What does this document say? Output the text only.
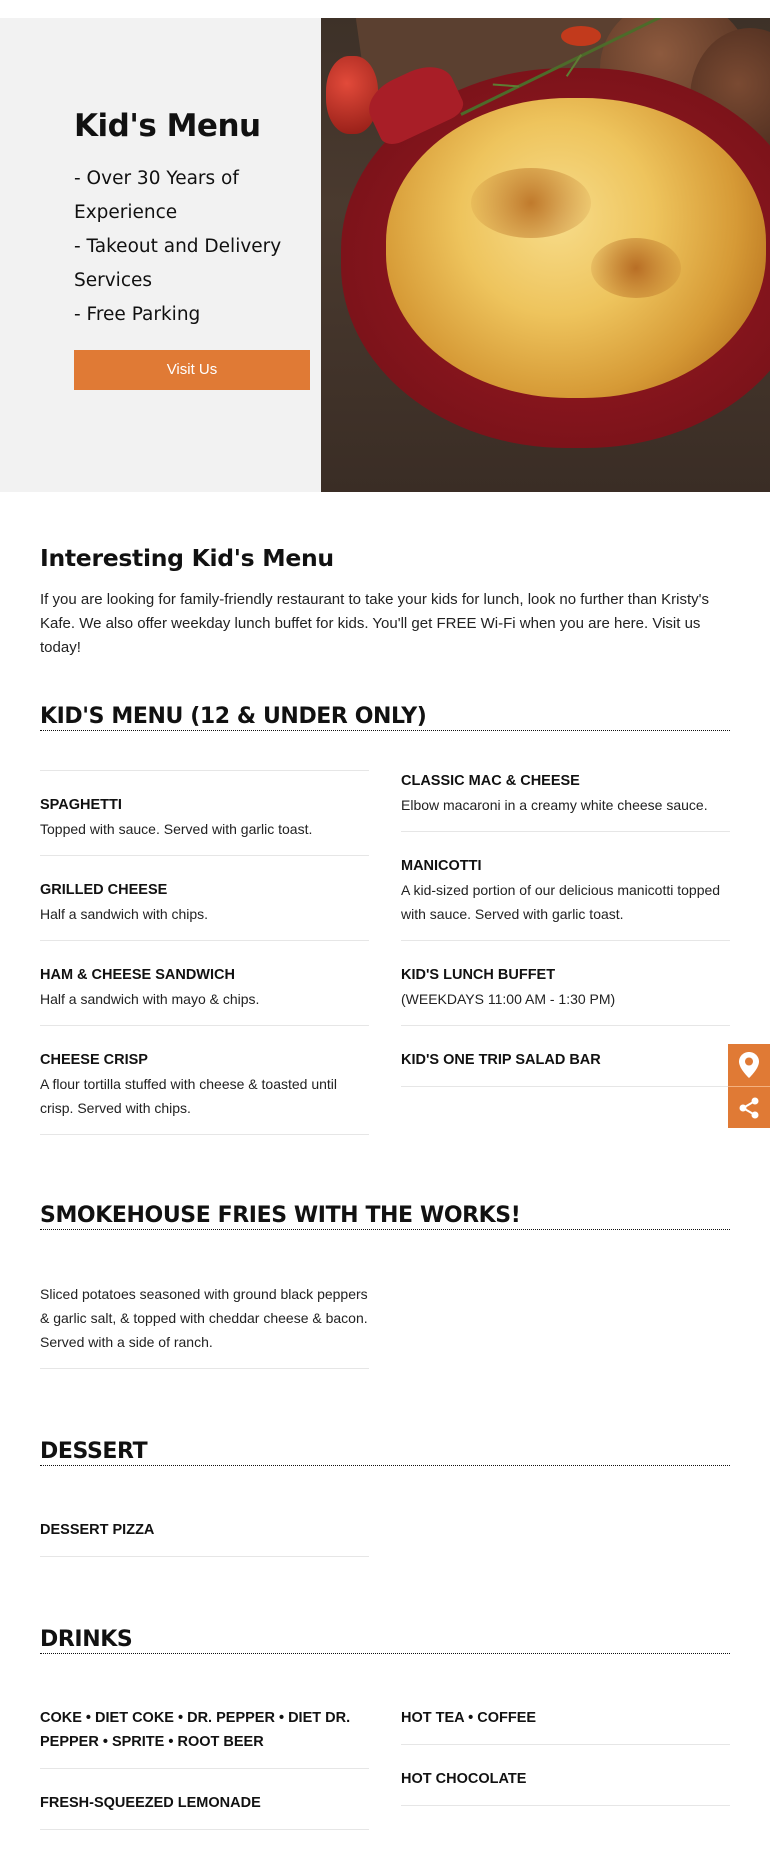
Kid's Menu
- Over 30 Years of
Experience
- Takeout and Delivery
Services
- Free Parking
Visit Us
Interesting Kid's Menu

If you are looking for family-friendly restaurant to take your kids for lunch, look no further than Kristy's Kafe. We also offer weekday lunch buffet for kids. You'll get FREE Wi-Fi when you are here. Visit us today!

KID'S MENU (12 & UNDER ONLY)
SPAGHETTI
Topped with sauce. Served with garlic toast.
GRILLED CHEESE
Half a sandwich with chips.
HAM & CHEESE SANDWICH
Half a sandwich with mayo & chips.
CHEESE CRISP
A flour tortilla stuffed with cheese & toasted until crisp. Served with chips.
CLASSIC MAC & CHEESE
Elbow macaroni in a creamy white cheese sauce.
MANICOTTI
A kid-sized portion of our delicious manicotti topped with sauce. Served with garlic toast.
KID'S LUNCH BUFFET
(WEEKDAYS 11:00 AM - 1:30 PM)
KID'S ONE TRIP SALAD BAR
SMOKEHOUSE FRIES WITH THE WORKS!
Sliced potatoes seasoned with ground black peppers & garlic salt, & topped with cheddar cheese & bacon. Served with a side of ranch.
DESSERT
DESSERT PIZZA
DRINKS
COKE • DIET COKE • DR. PEPPER • DIET DR. PEPPER • SPRITE • ROOT BEER
FRESH-SQUEEZED LEMONADE
HOT TEA • COFFEE
HOT CHOCOLATE
